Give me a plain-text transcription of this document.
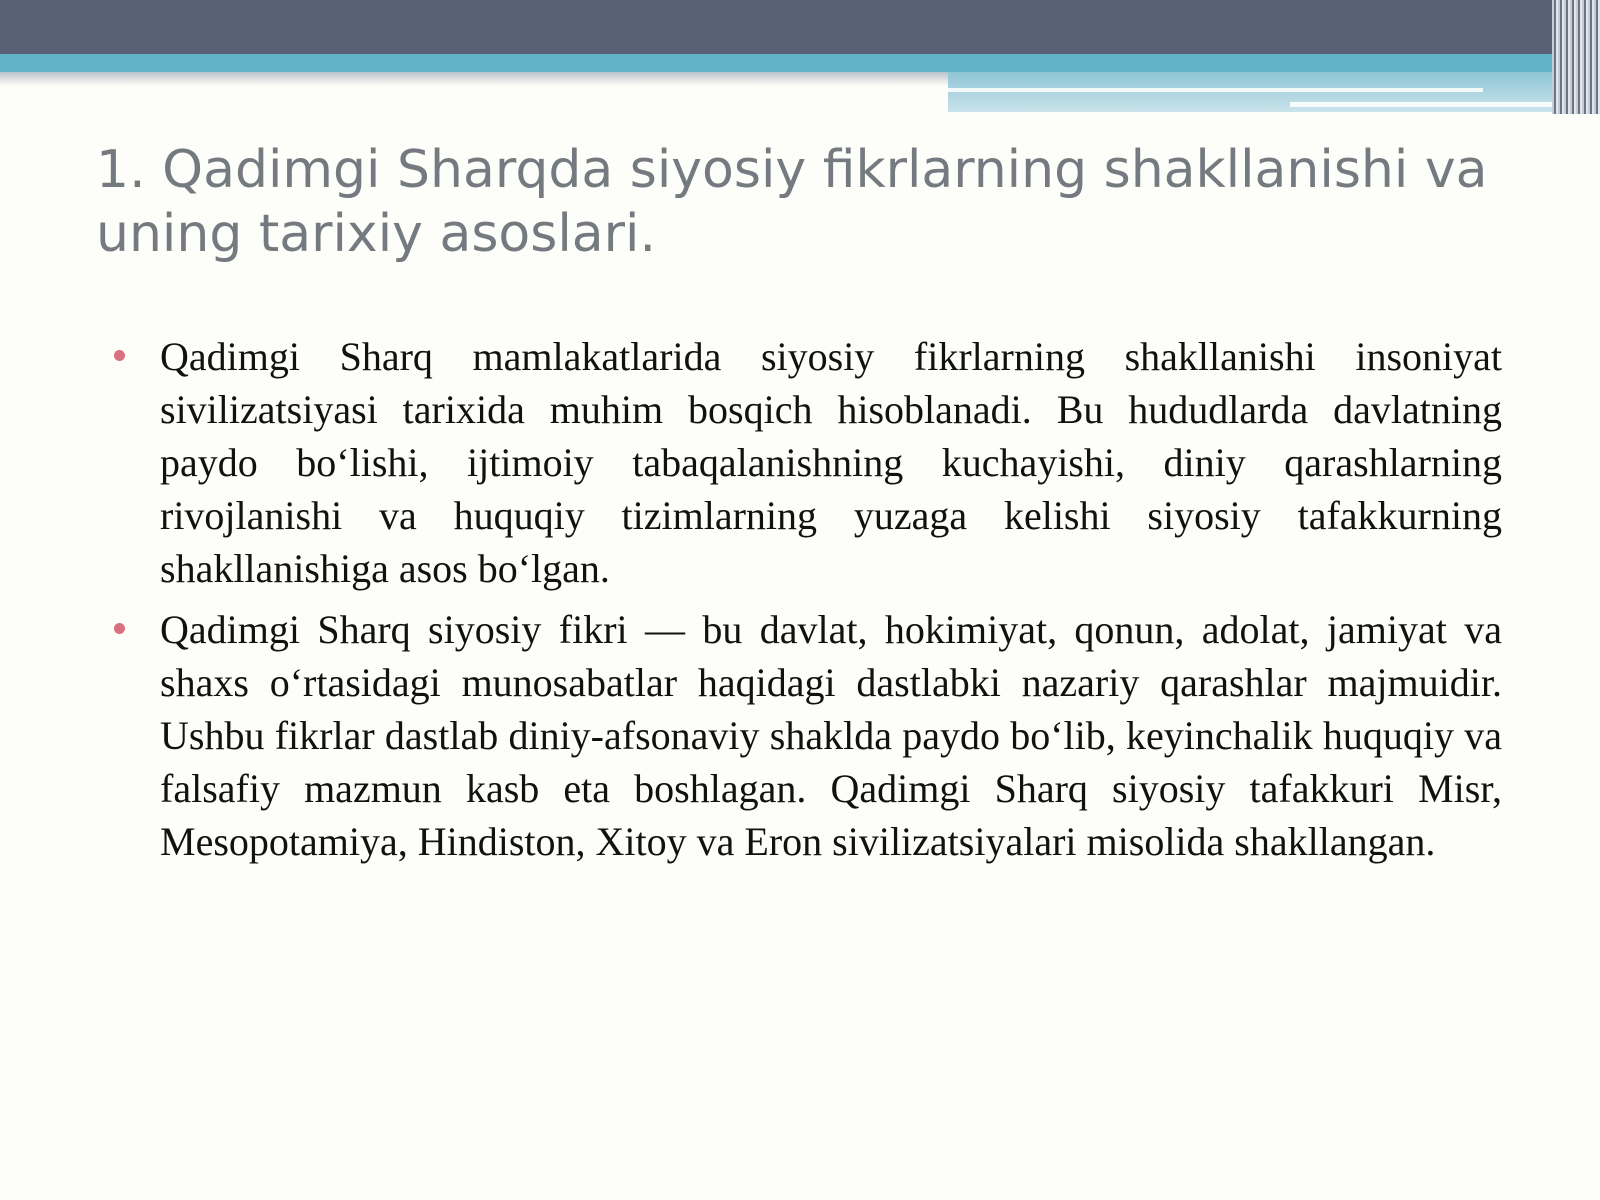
1. Qadimgi Sharqda siyosiy fikrlarning shakllanishi va uning tarixiy asoslari.
Qadimgi Sharq mamlakatlarida siyosiy fikrlarning shakllanishi insoniyat sivilizatsiyasi tarixida muhim bosqich hisoblanadi. Bu hududlarda davlatning paydo bo‘lishi, ijtimoiy tabaqalanishning kuchayishi, diniy qarashlarning rivojlanishi va huquqiy tizimlarning yuzaga kelishi siyosiy tafakkurning shakllanishiga asos bo‘lgan.
Qadimgi Sharq siyosiy fikri — bu davlat, hokimiyat, qonun, adolat, jamiyat va shaxs o‘rtasidagi munosabatlar haqidagi dastlabki nazariy qarashlar majmuidir. Ushbu fikrlar dastlab diniy-afsonaviy shaklda paydo bo‘lib, keyinchalik huquqiy va falsafiy mazmun kasb eta boshlagan. Qadimgi Sharq siyosiy tafakkuri Misr, Mesopotamiya, Hindiston, Xitoy va Eron sivilizatsiyalari misolida shakllangan.
